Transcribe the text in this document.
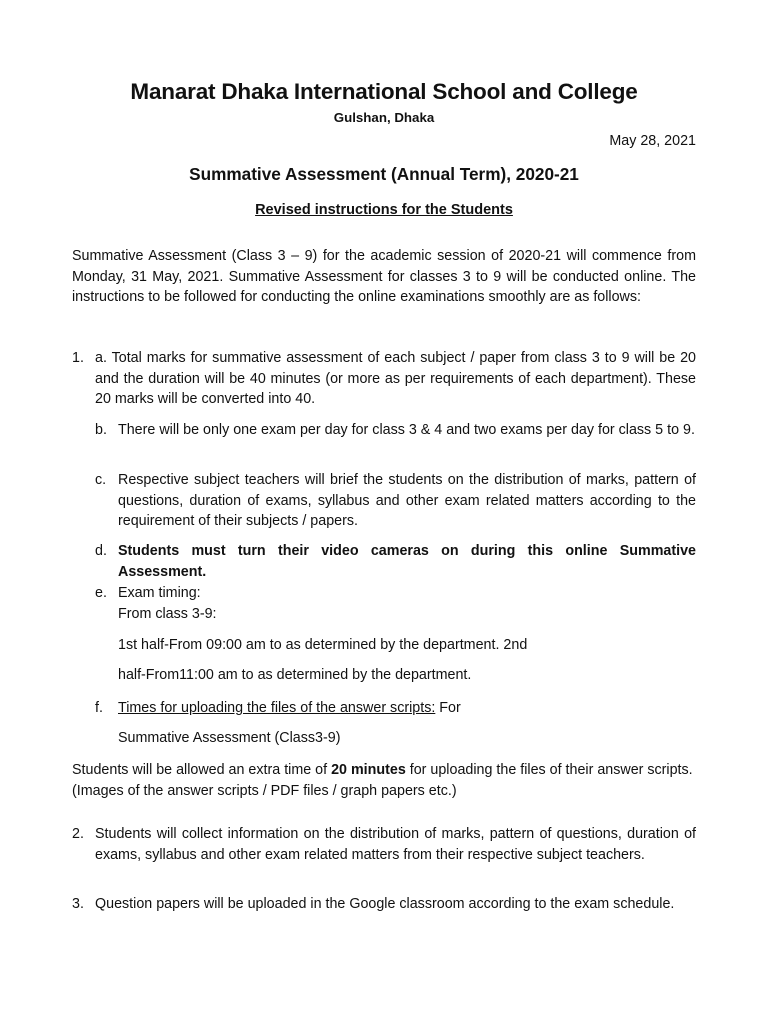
Manarat Dhaka International School and College
Gulshan, Dhaka
May 28, 2021
Summative Assessment (Annual Term), 2020-21
Revised instructions for the Students
Summative Assessment (Class 3 – 9) for the academic session of 2020-21 will commence from Monday, 31 May, 2021. Summative Assessment for classes 3 to 9 will be conducted online. The instructions to be followed for conducting the online examinations smoothly are as follows:
1. a. Total marks for summative assessment of each subject / paper from class 3 to 9 will be 20 and the duration will be 40 minutes (or more as per requirements of each department). These 20 marks will be converted into 40.
b. There will be only one exam per day for class 3 & 4 and two exams per day for class 5 to 9.
c. Respective subject teachers will brief the students on the distribution of marks, pattern of questions, duration of exams, syllabus and other exam related matters according to the requirement of their subjects / papers.
d. Students must turn their video cameras on during this online Summative Assessment.
e. Exam timing:
From class 3-9:
1st half-From 09:00 am to as determined by the department. 2nd
half-From11:00 am to as determined by the department.
f.	Times for uploading the files of the answer scripts: For
Summative Assessment (Class3-9)
Students will be allowed an extra time of 20 minutes for uploading the files of their answer scripts. (Images of the answer scripts / PDF files / graph papers etc.)
2. Students will collect information on the distribution of marks, pattern of questions, duration of exams, syllabus and other exam related matters from their respective subject teachers.
3. Question papers will be uploaded in the Google classroom according to the exam schedule.
